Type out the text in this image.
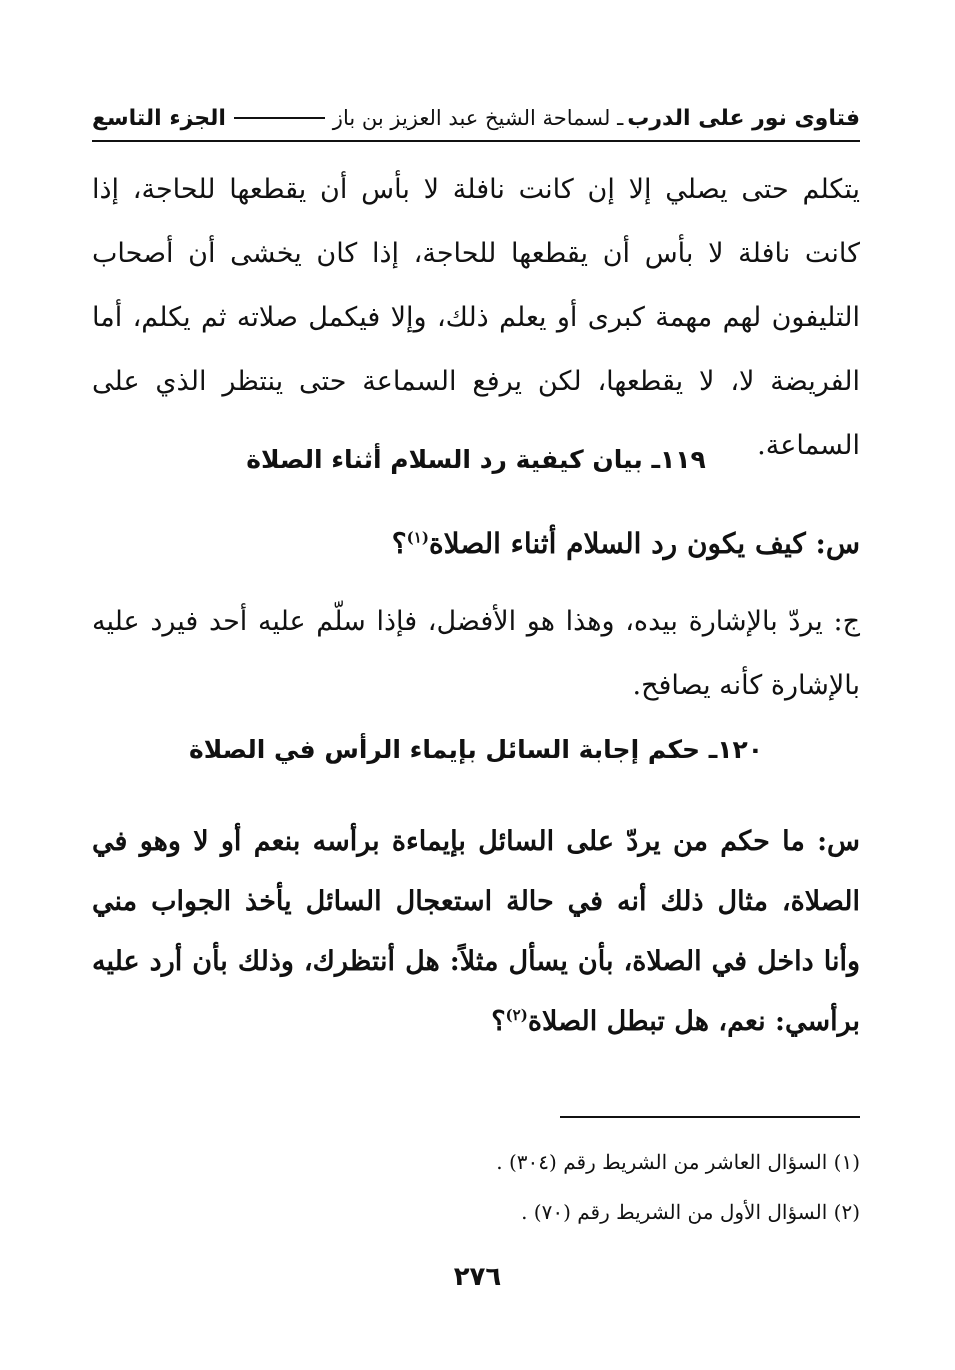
فتاوى نور على الدرب
ـ لسماحة الشيخ عبد العزيز بن باز
الجزء التاسع

يتكلم حتى يصلي إلا إن كانت نافلة لا بأس أن يقطعها للحاجة، إذا كانت نافلة لا بأس أن يقطعها للحاجة، إذا كان يخشى أن أصحاب التليفون لهم مهمة كبرى أو يعلم ذلك، وإلا فيكمل صلاته ثم يكلم، أما الفريضة لا، لا يقطعها، لكن يرفع السماعة حتى ينتظر الذي على السماعة.

١١٩ـ بيان كيفية رد السلام أثناء الصلاة

س: كيف يكون رد السلام أثناء الصلاة$^{(١)}$؟

ج: يردّ بالإشارة بيده، وهذا هو الأفضل، فإذا سلّم عليه أحد فيرد عليه بالإشارة كأنه يصافح.

١٢٠ـ حكم إجابة السائل بإيماء الرأس في الصلاة

س: ما حكم من يردّ على السائل بإيماءة برأسه بنعم أو لا وهو في الصلاة، مثال ذلك أنه في حالة استعجال السائل يأخذ الجواب مني وأنا داخل في الصلاة، بأن يسأل مثلاً: هل أنتظرك، وذلك بأن أرد عليه برأسي: نعم، هل تبطل الصلاة$^{(٢)}$؟

(١) السؤال العاشر من الشريط رقم (٣٠٤) .

(٢) السؤال الأول من الشريط رقم (٧٠) .

٢٧٦
